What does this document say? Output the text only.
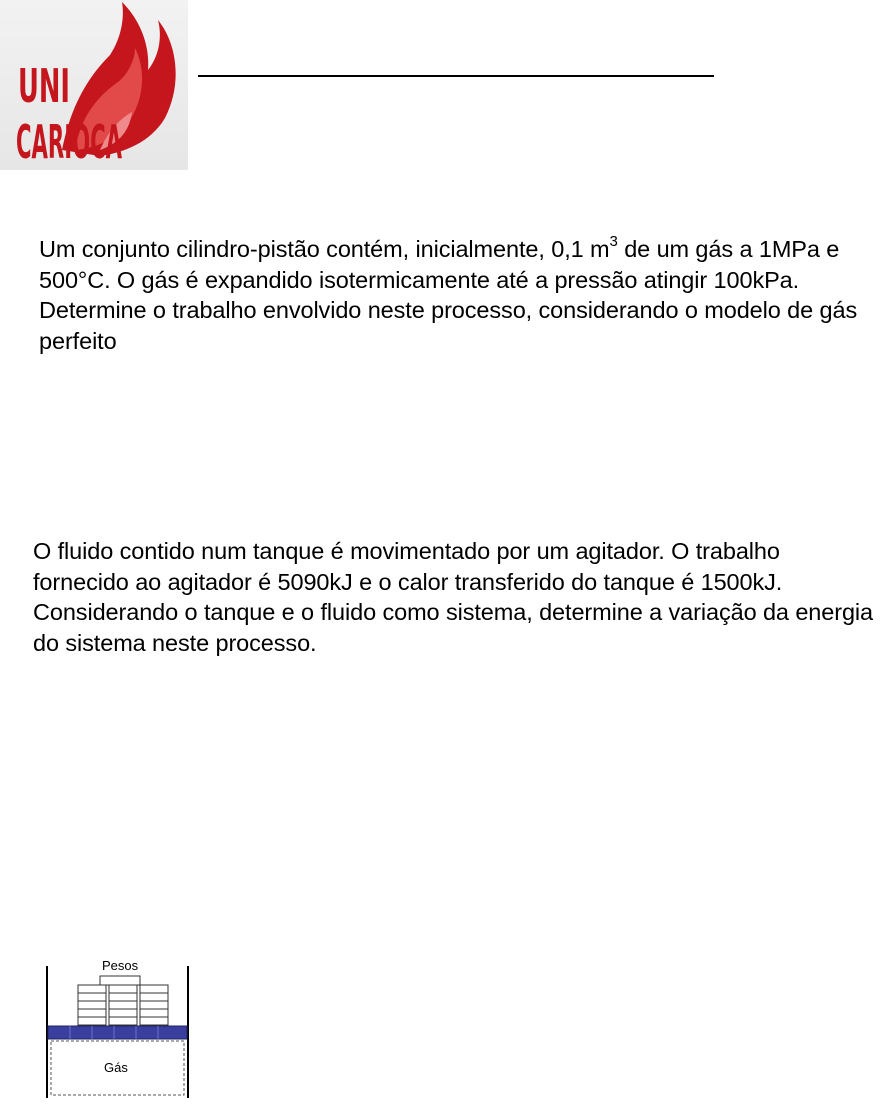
UNI
CARIOCA

Um conjunto cilindro-pistão contém, inicialmente, 0,1 $m^3$ de um gás a 1MPa e 500°C. O gás é expandido isotermicamente até a pressão atingir 100kPa. Determine o trabalho envolvido neste processo, considerando o modelo de gás perfeito

O fluido contido num tanque é movimentado por um agitador. O trabalho fornecido ao agitador é 5090kJ e o calor transferido do tanque é 1500kJ. Considerando o tanque e o fluido como sistema, determine a variação da energia do sistema neste processo.

Pesos
Gás
